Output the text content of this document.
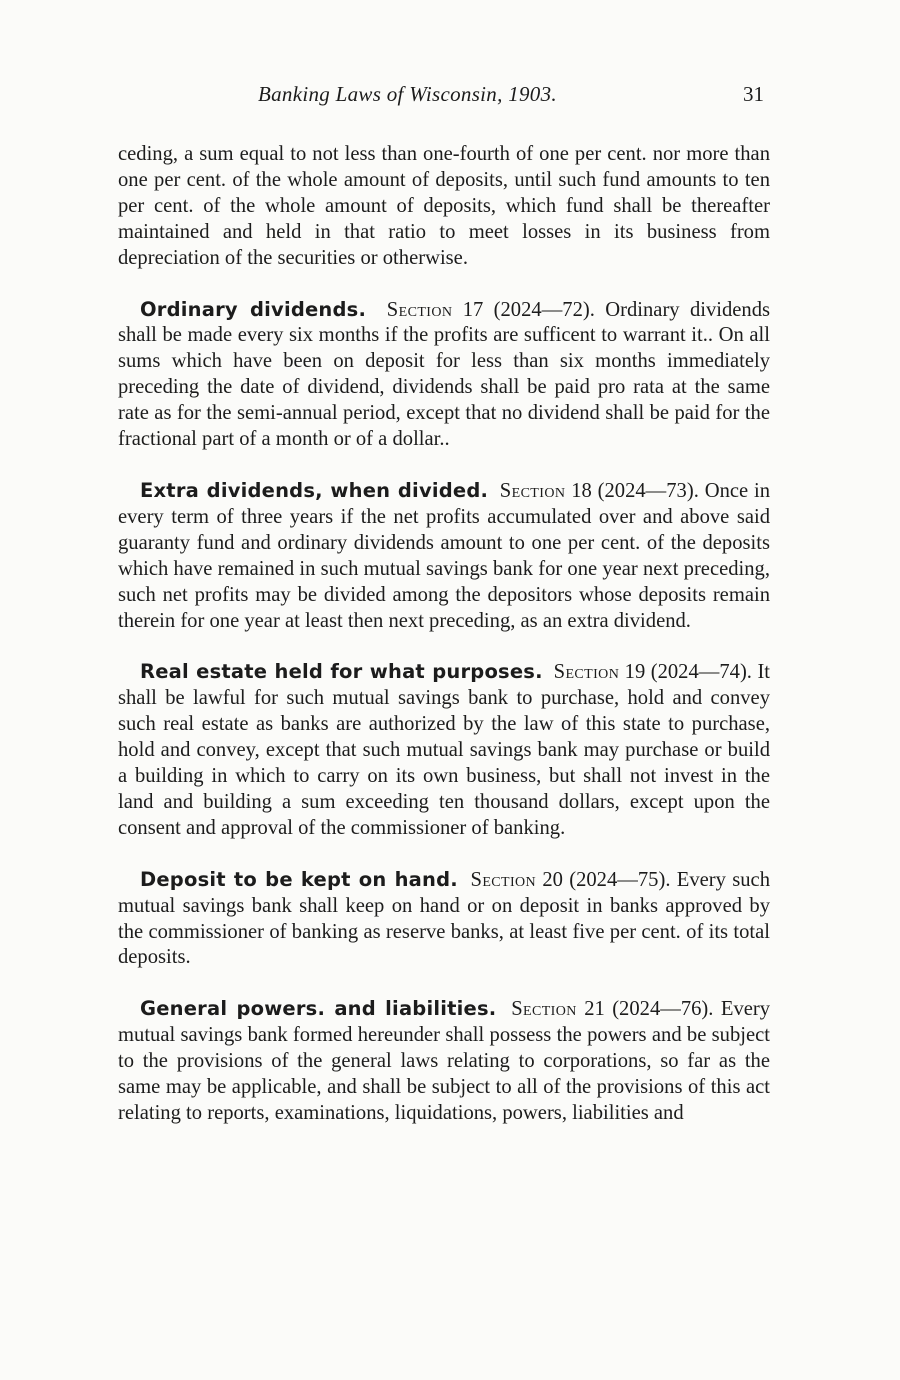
Banking Laws of Wisconsin, 1903.	31

ceding, a sum equal to not less than one-fourth of one per cent. nor more than one per cent. of the whole amount of deposits, until such fund amounts to ten per cent. of the whole amount of deposits, which fund shall be thereafter maintained and held in that ratio to meet losses in its business from depreciation of the securities or otherwise.

Ordinary dividends. Section 17 (2024—72). Ordinary dividends shall be made every six months if the profits are sufficent to warrant it.. On all sums which have been on deposit for less than six months immediately preceding the date of dividend, dividends shall be paid pro rata at the same rate as for the semi-annual period, except that no dividend shall be paid for the fractional part of a month or of a dollar..

Extra dividends, when divided. Section 18 (2024—73). Once in every term of three years if the net profits accumulated over and above said guaranty fund and ordinary dividends amount to one per cent. of the deposits which have remained in such mutual savings bank for one year next preceding, such net profits may be divided among the depositors whose deposits remain therein for one year at least then next preceding, as an extra dividend.

Real estate held for what purposes. Section 19 (2024—74). It shall be lawful for such mutual savings bank to purchase, hold and convey such real estate as banks are authorized by the law of this state to purchase, hold and convey, except that such mutual savings bank may purchase or build a building in which to carry on its own business, but shall not invest in the land and building a sum exceeding ten thousand dollars, except upon the consent and approval of the commissioner of banking.

Deposit to be kept on hand. Section 20 (2024—75). Every such mutual savings bank shall keep on hand or on deposit in banks approved by the commissioner of banking as reserve banks, at least five per cent. of its total deposits.

General powers. and liabilities. Section 21 (2024—76). Every mutual savings bank formed hereunder shall possess the powers and be subject to the provisions of the general laws relating to corporations, so far as the same may be applicable, and shall be subject to all of the provisions of this act relating to reports, examinations, liquidations, powers, liabilities and
